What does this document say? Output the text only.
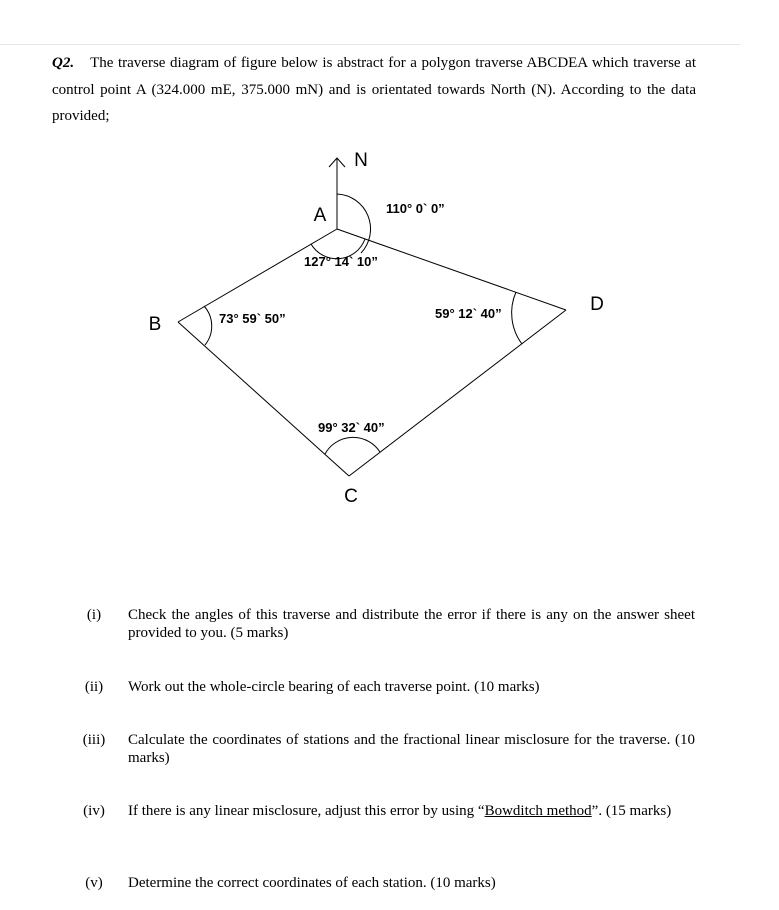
Q2. The traverse diagram of figure below is abstract for a polygon traverse ABCDEA which traverse at control point A (324.000 mE, 375.000 mN) and is orientated towards North (N). According to the data provided;
N
A
B
C
D
110° 0` 0”
127° 14` 10”
73° 59` 50”
99° 32` 40”
59° 12` 40”
(i)	Check the angles of this traverse and distribute the error if there is any on the answer sheet provided to you. (5 marks)
(ii)	Work out the whole-circle bearing of each traverse point. (10 marks)
(iii)	Calculate the coordinates of stations and the fractional linear misclosure for the traverse. (10 marks)
(iv)	If there is any linear misclosure, adjust this error by using “Bowditch method”. (15 marks)
(v)	Determine the correct coordinates of each station. (10 marks)
